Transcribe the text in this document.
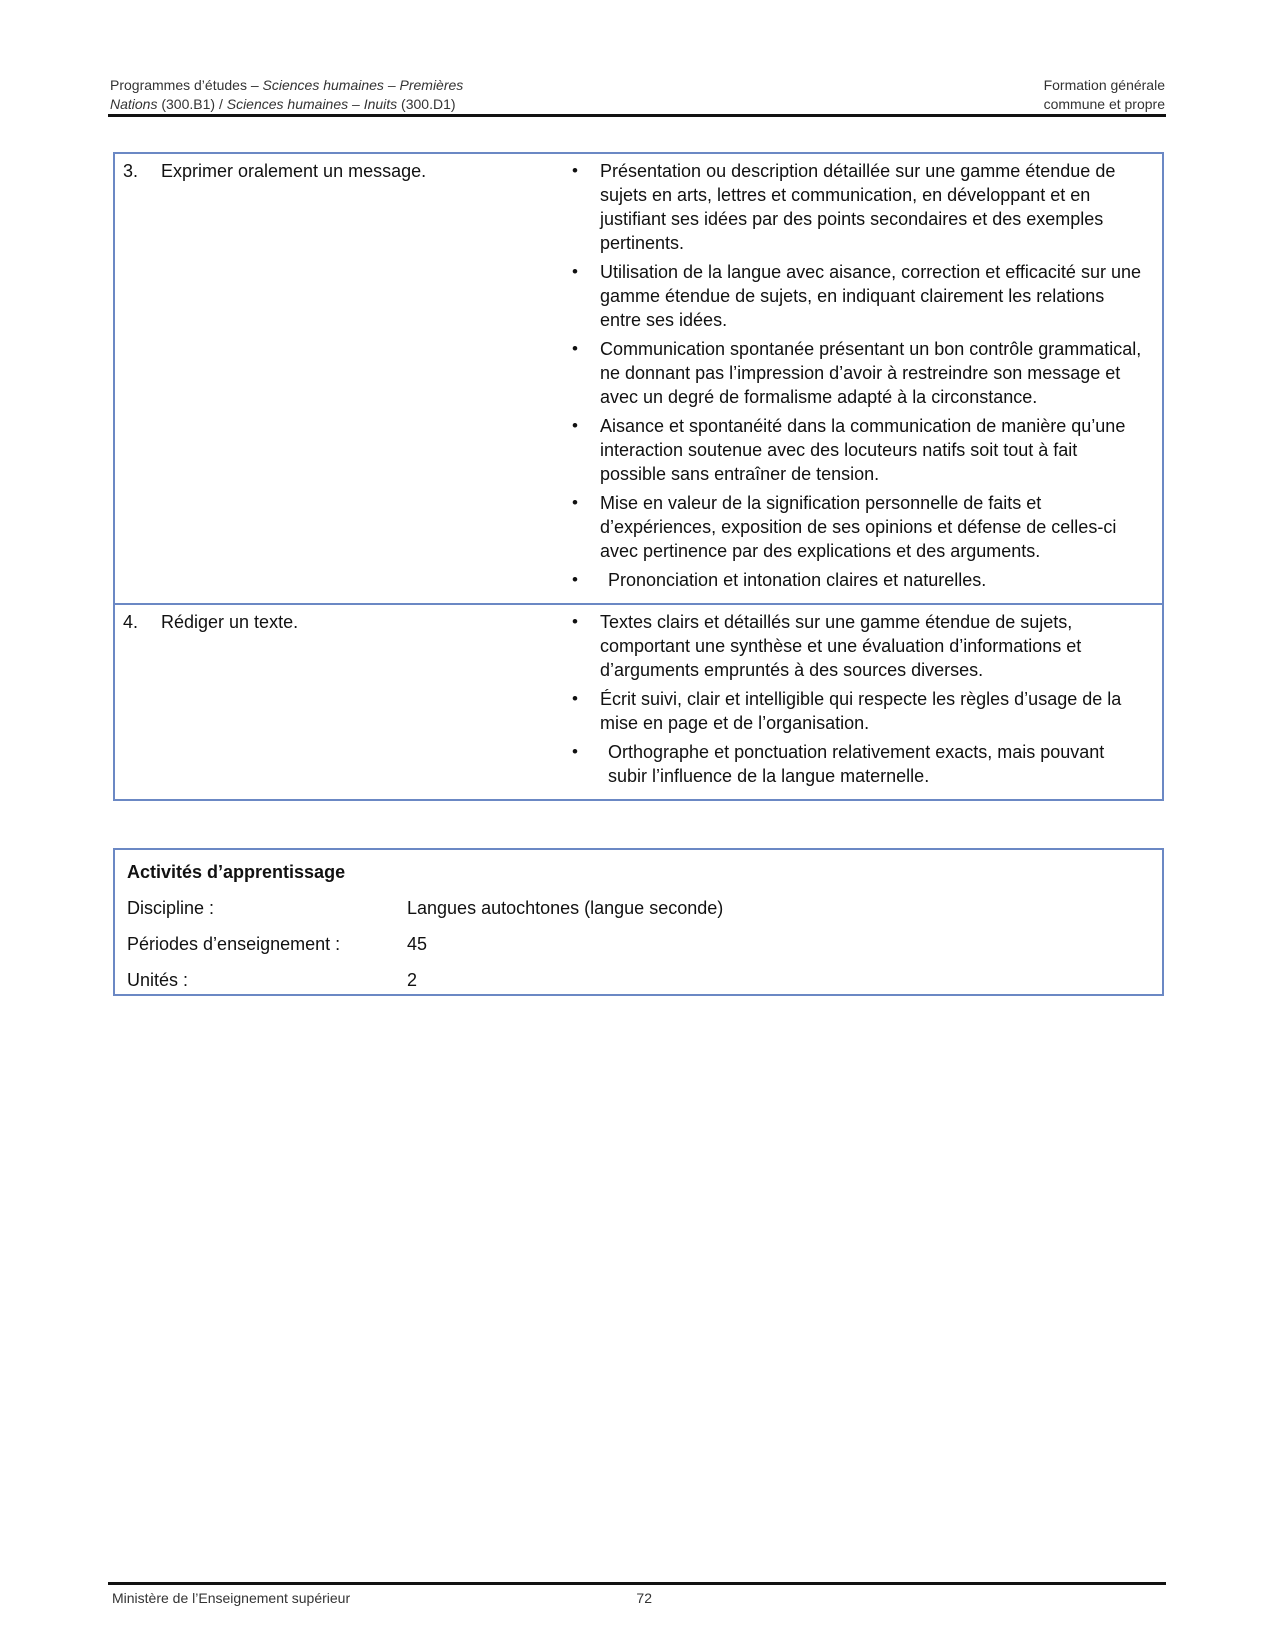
Programmes d’études – Sciences humaines – Premières	Formation générale
Nations (300.B1) / Sciences humaines – Inuits (300.D1)	commune et propre
3. Exprimer oralement un message.	• Présentation ou description détaillée sur une gamme étendue de sujets en arts, lettres et communication, en développant et en justifiant ses idées par des points secondaires et des exemples pertinents.
• Utilisation de la langue avec aisance, correction et efficacité sur une gamme étendue de sujets, en indiquant clairement les relations entre ses idées.
• Communication spontanée présentant un bon contrôle grammatical, ne donnant pas l’impression d’avoir à restreindre son message et avec un degré de formalisme adapté à la circonstance.
• Aisance et spontanéité dans la communication de manière qu’une interaction soutenue avec des locuteurs natifs soit tout à fait possible sans entraîner de tension.
• Mise en valeur de la signification personnelle de faits et d’expériences, exposition de ses opinions et défense de celles-ci avec pertinence par des explications et des arguments.
• Prononciation et intonation claires et naturelles.
4. Rédiger un texte.	• Textes clairs et détaillés sur une gamme étendue de sujets, comportant une synthèse et une évaluation d’informations et d’arguments empruntés à des sources diverses.
• Écrit suivi, clair et intelligible qui respecte les règles d’usage de la mise en page et de l’organisation.
• Orthographe et ponctuation relativement exacts, mais pouvant subir l’influence de la langue maternelle.
Activités d’apprentissage
Discipline :	Langues autochtones (langue seconde)
Périodes d’enseignement :	45
Unités :	2
Ministère de l’Enseignement supérieur	72
